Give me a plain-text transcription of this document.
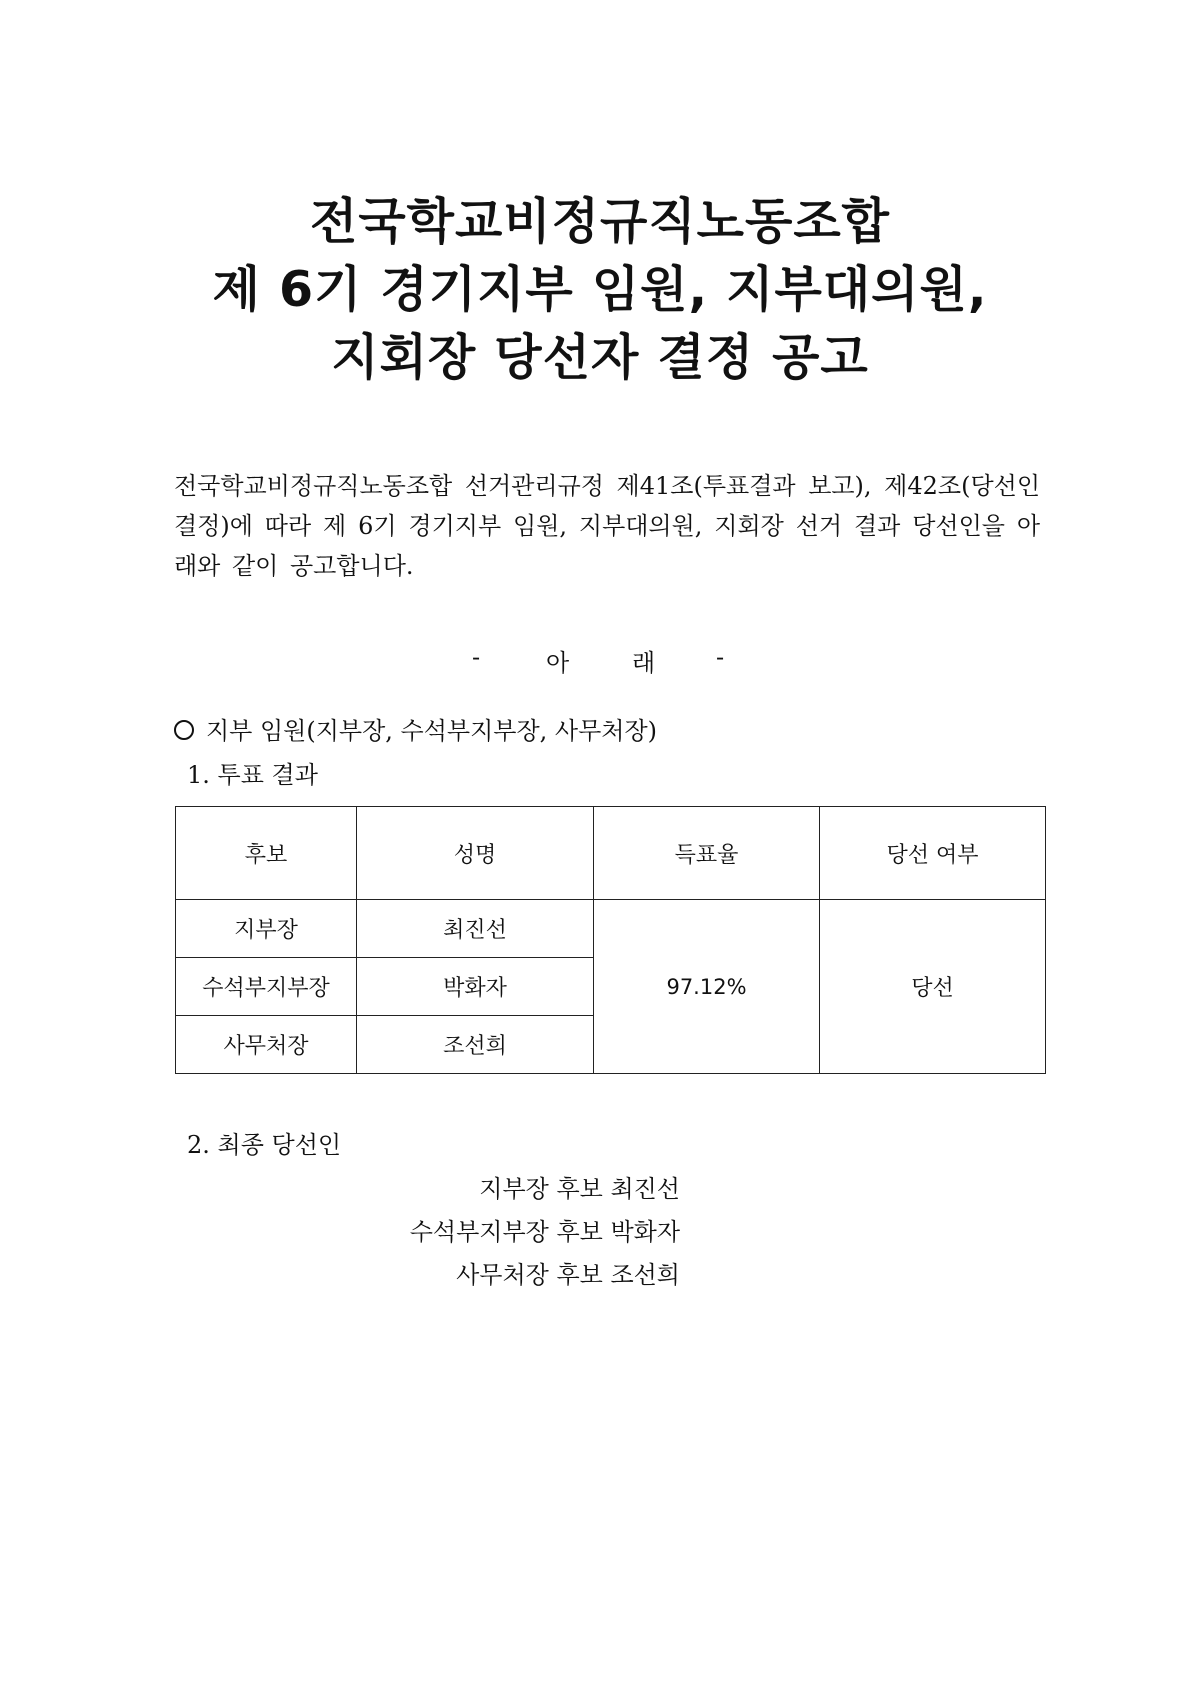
전국학교비정규직노동조합
제 6기 경기지부 임원, 지부대의원,
지회장 당선자 결정 공고
전국학교비정규직노동조합 선거관리규정 제41조(투표결과 보고), 제42조(당선인 결정)에 따라 제 6기 경기지부 임원, 지부대의원, 지회장 선거 결과 당선인을 아래와 같이 공고합니다.
-	아	래	-
지부 임원(지부장, 수석부지부장, 사무처장)
1. 투표 결과
후보	성명	득표율	당선 여부
지부장	최진선	97.12%	당선
수석부지부장	박화자		
사무처장	조선희		
2. 최종 당선인
지부장 후보 최진선
수석부지부장 후보 박화자
사무처장 후보 조선희
